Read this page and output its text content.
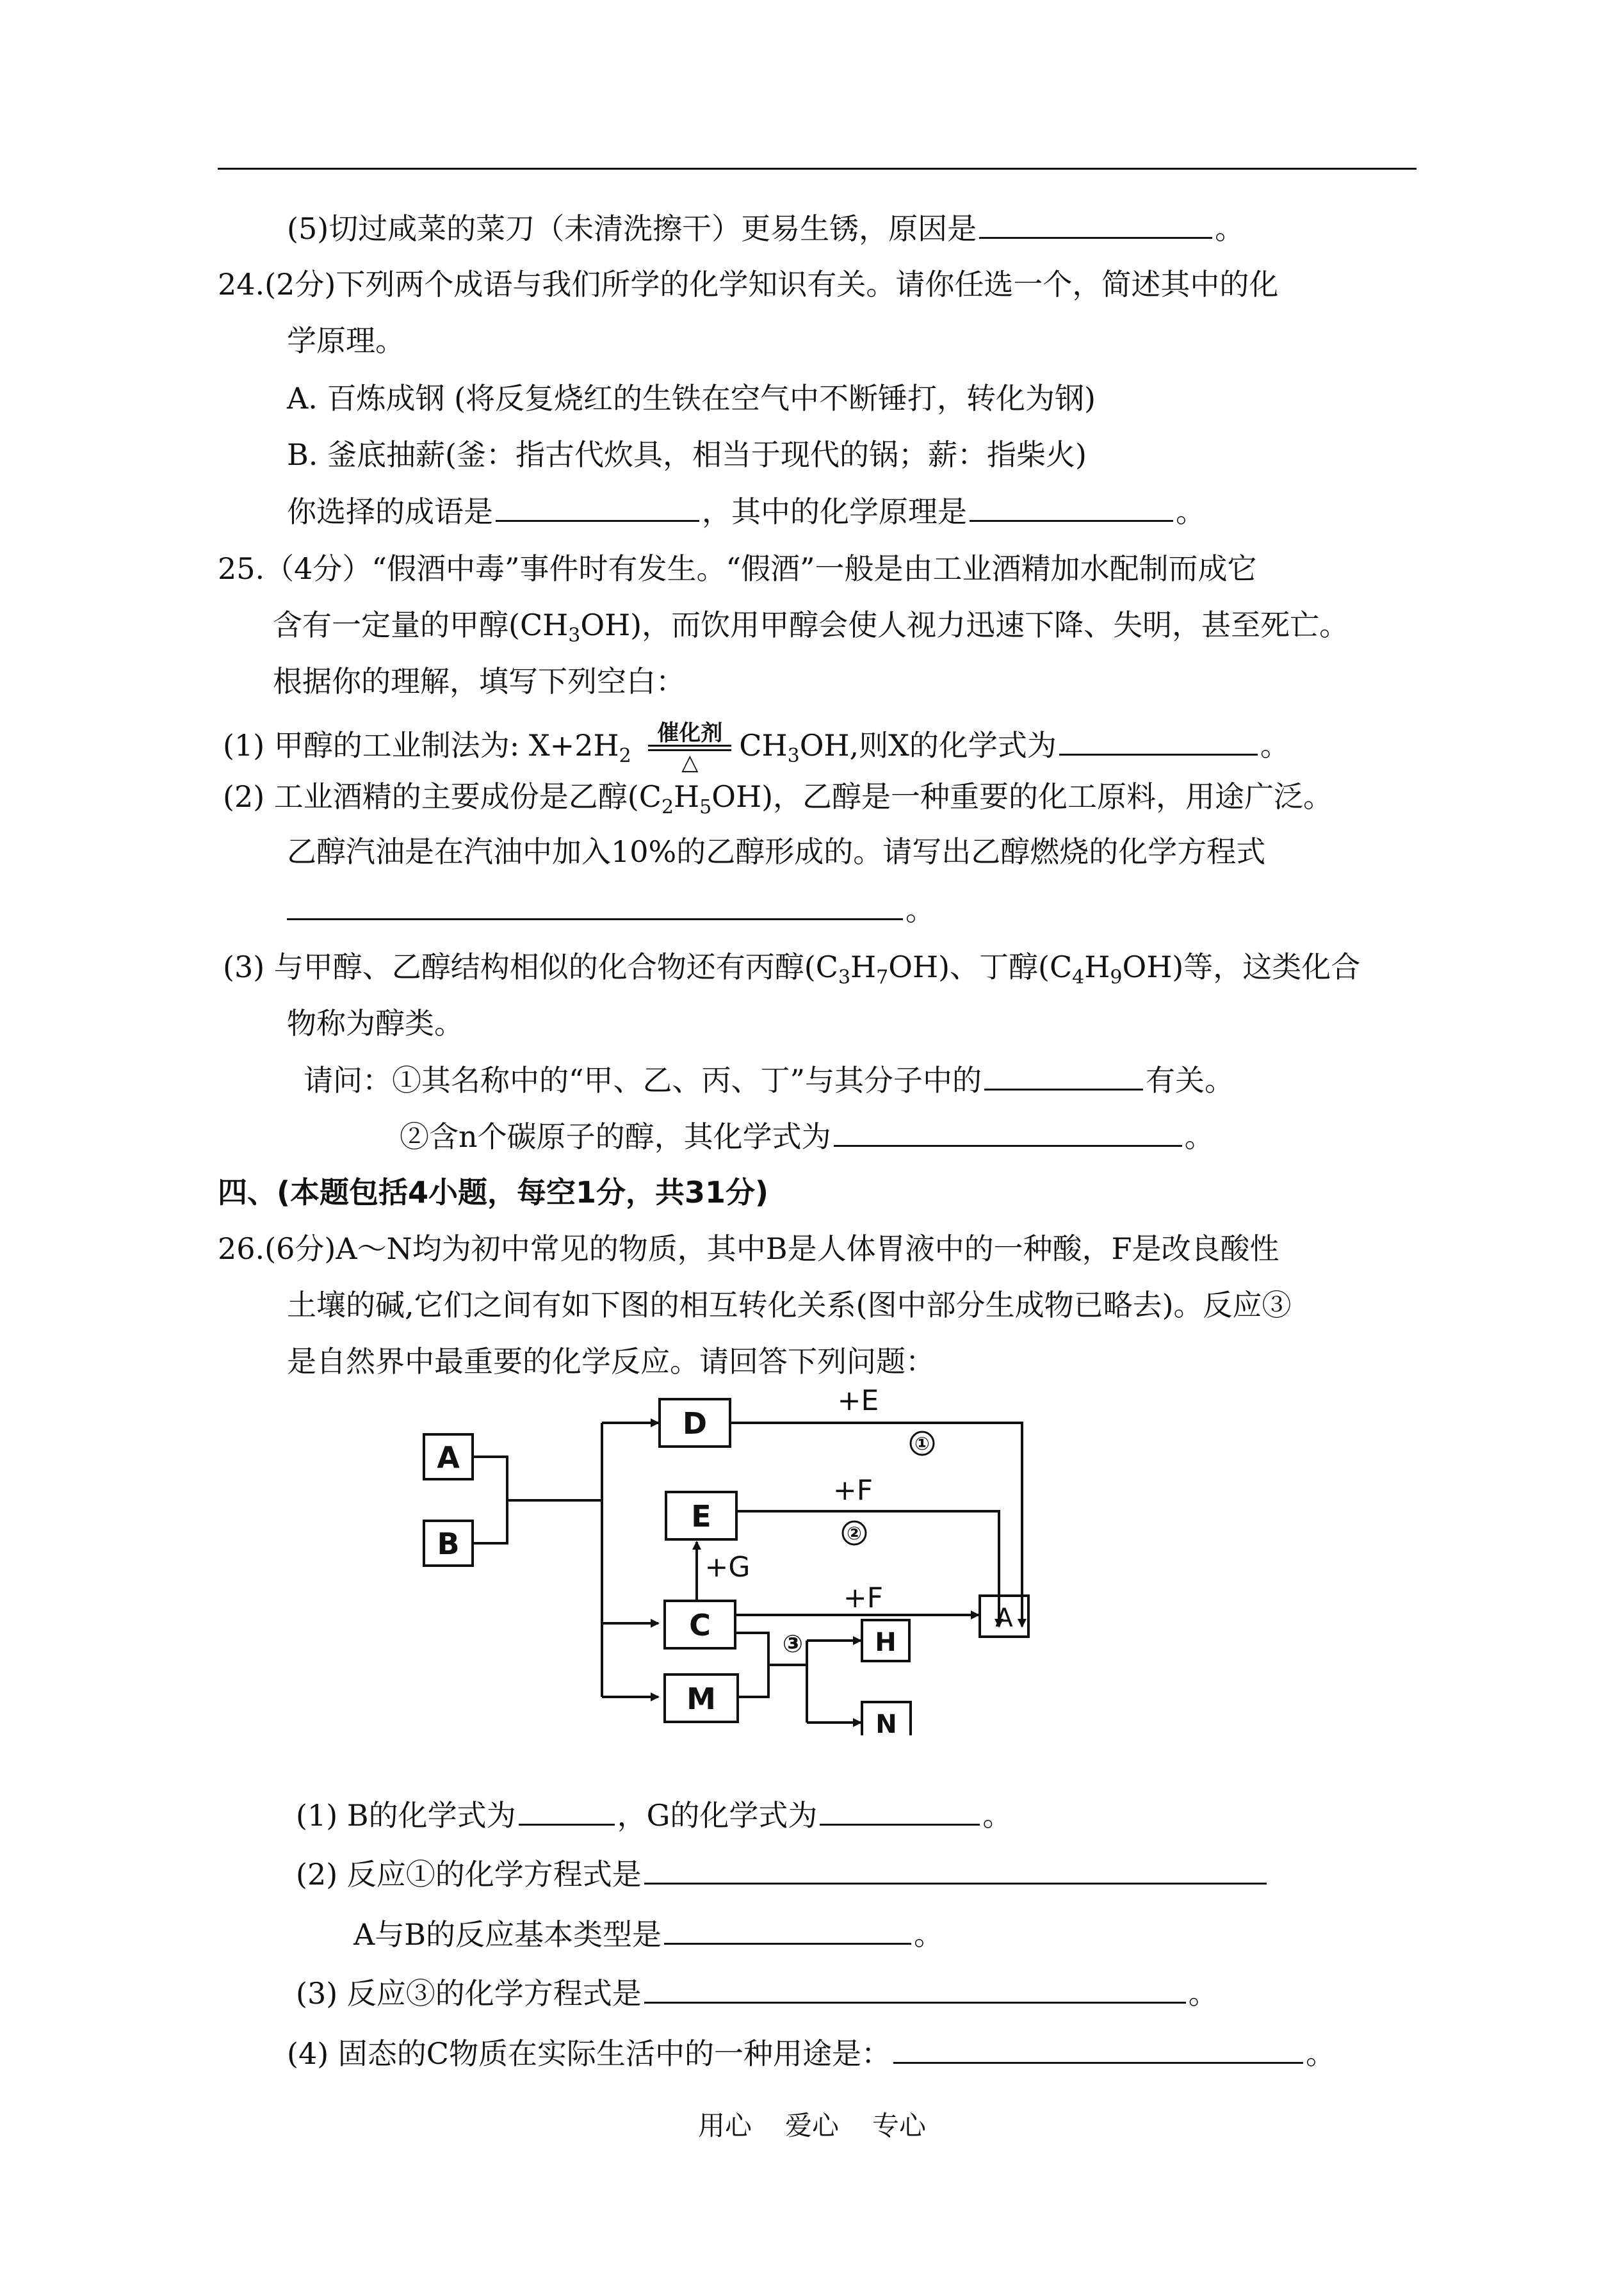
(5)切过咸菜的菜刀（未清洗擦干）更易生锈，原因是	。
24.(2分)下列两个成语与我们所学的化学知识有关。请你任选一个，简述其中的化
学原理。
A. 百炼成钢 (将反复烧红的生铁在空气中不断锤打，转化为钢)
B. 釜底抽薪(釜：指古代炊具，相当于现代的锅；薪：指柴火)
你选择的成语是	，其中的化学原理是	。
25.（4分）“假酒中毒”事件时有发生。“假酒”一般是由工业酒精加水配制而成它
含有一定量的甲醇$(CH_3OH)$，而饮用甲醇会使人视力迅速下降、失明，甚至死亡。
根据你的理解，填写下列空白：
(1) 甲醇的工业制法为: $X+2H_2$
催化剂
△	$CH_3OH$,则X的化学式为	。
(2) 工业酒精的主要成份是乙醇$(C_2H_5OH)$，乙醇是一种重要的化工原料，用途广泛。
乙醇汽油是在汽油中加入10%的乙醇形成的。请写出乙醇燃烧的化学方程式
。
(3) 与甲醇、乙醇结构相似的化合物还有丙醇$(C_3H_7OH)$、丁醇$(C_4H_9OH)$等，这类化合
物称为醇类。
请问：①其名称中的“甲、乙、丙、丁”与其分子中的	有关。
②含n个碳原子的醇，其化学式为	。
四、(本题包括4小题，每空1分，共31分)
26.(6分)A～N均为初中常见的物质，其中B是人体胃液中的一种酸，F是改良酸性
土壤的碱,它们之间有如下图的相互转化关系(图中部分生成物已略去)。反应③
是自然界中最重要的化学反应。请回答下列问题：
A
B
D
E
C
M
H
N
A
+E
+F
+G
+F
①
②
③
(1) B的化学式为	，G的化学式为	。
(2) 反应①的化学方程式是
A与B的反应基本类型是	。
(3) 反应③的化学方程式是	。
(4) 固态的C物质在实际生活中的一种用途是：	。
用心 爱心 专心
